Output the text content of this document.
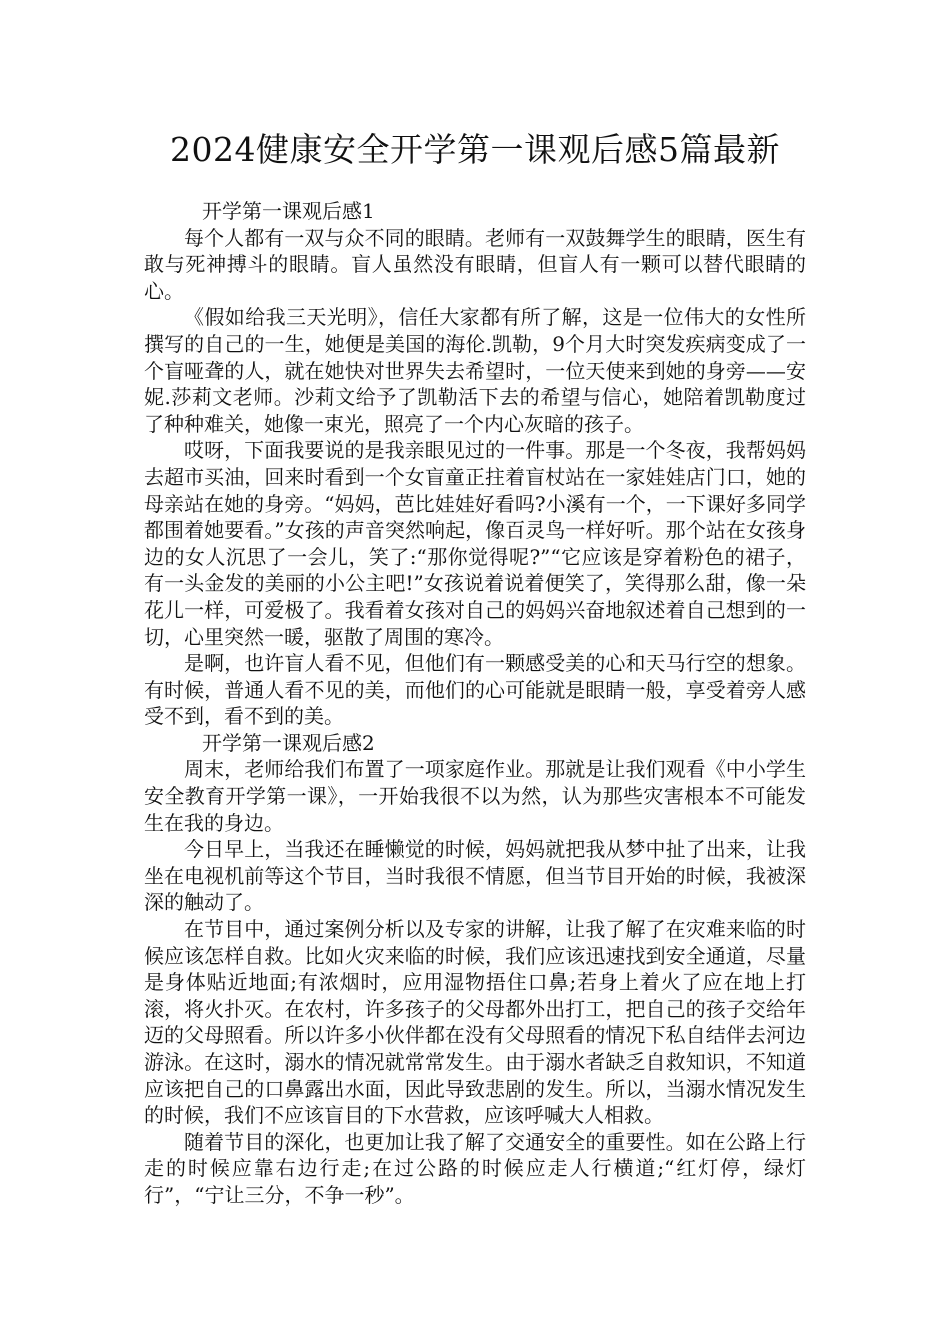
2024健康安全开学第一课观后感5篇最新

开学第一课观后感1

每个人都有一双与众不同的眼睛。老师有一双鼓舞学生的眼睛，医生有敢与死神搏斗的眼睛。盲人虽然没有眼睛，但盲人有一颗可以替代眼睛的心。

《假如给我三天光明》，信任大家都有所了解，这是一位伟大的女性所撰写的自己的一生，她便是美国的海伦.凯勒，9个月大时突发疾病变成了一个盲哑聋的人，就在她快对世界失去希望时，一位天使来到她的身旁——安妮.莎莉文老师。沙莉文给予了凯勒活下去的希望与信心，她陪着凯勒度过了种种难关，她像一束光，照亮了一个内心灰暗的孩子。

哎呀，下面我要说的是我亲眼见过的一件事。那是一个冬夜，我帮妈妈去超市买油，回来时看到一个女盲童正拄着盲杖站在一家娃娃店门口，她的母亲站在她的身旁。“妈妈，芭比娃娃好看吗?小溪有一个，一下课好多同学都围着她要看。”女孩的声音突然响起，像百灵鸟一样好听。那个站在女孩身边的女人沉思了一会儿，笑了:“那你觉得呢?”“它应该是穿着粉色的裙子，有一头金发的美丽的小公主吧!”女孩说着说着便笑了，笑得那么甜，像一朵花儿一样，可爱极了。我看着女孩对自己的妈妈兴奋地叙述着自己想到的一切，心里突然一暖，驱散了周围的寒冷。

是啊，也许盲人看不见，但他们有一颗感受美的心和天马行空的想象。有时候，普通人看不见的美，而他们的心可能就是眼睛一般，享受着旁人感受不到，看不到的美。

开学第一课观后感2

周末，老师给我们布置了一项家庭作业。那就是让我们观看《中小学生安全教育开学第一课》，一开始我很不以为然，认为那些灾害根本不可能发生在我的身边。

今日早上，当我还在睡懒觉的时候，妈妈就把我从梦中扯了出来，让我坐在电视机前等这个节目，当时我很不情愿，但当节目开始的时候，我被深深的触动了。

在节目中，通过案例分析以及专家的讲解，让我了解了在灾难来临的时候应该怎样自救。比如火灾来临的时候，我们应该迅速找到安全通道，尽量是身体贴近地面;有浓烟时，应用湿物捂住口鼻;若身上着火了应在地上打滚，将火扑灭。在农村，许多孩子的父母都外出打工，把自己的孩子交给年迈的父母照看。所以许多小伙伴都在没有父母照看的情况下私自结伴去河边游泳。在这时，溺水的情况就常常发生。由于溺水者缺乏自救知识，不知道应该把自己的口鼻露出水面，因此导致悲剧的发生。所以，当溺水情况发生的时候，我们不应该盲目的下水营救，应该呼喊大人相救。

随着节目的深化，也更加让我了解了交通安全的重要性。如在公路上行走的时候应靠右边行走;在过公路的时候应走人行横道;“红灯停，绿灯行”，“宁让三分，不争一秒”。
